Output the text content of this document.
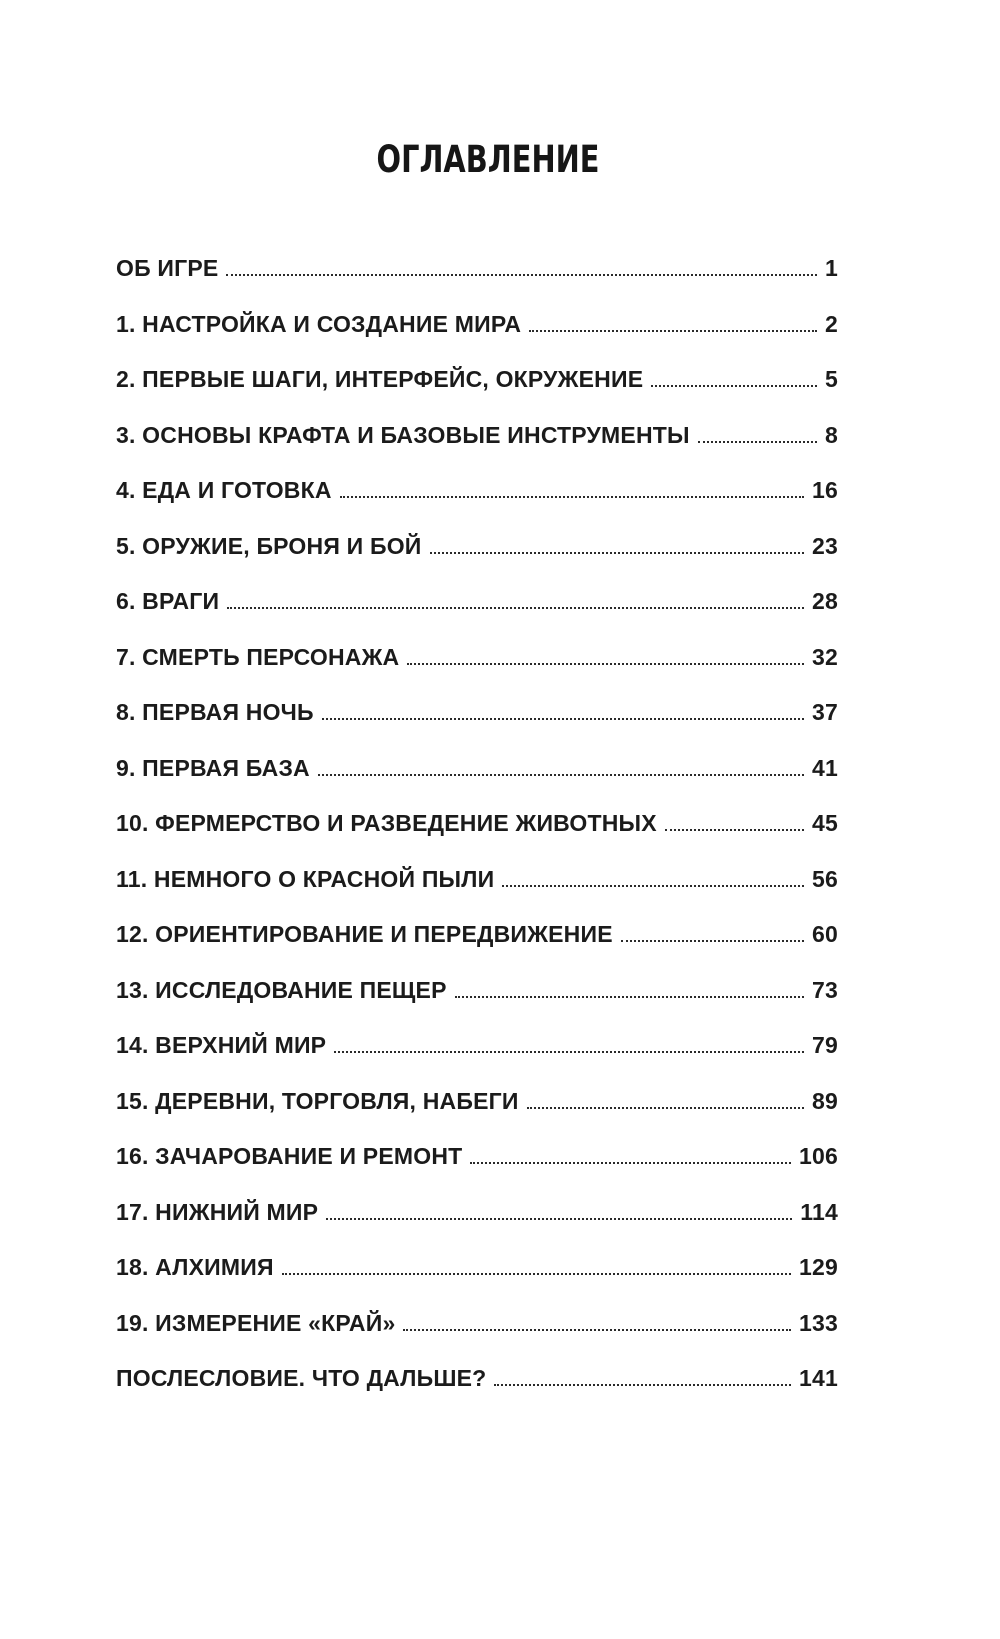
ОГЛАВЛЕНИЕ
ОБ ИГРЕ	1
1. НАСТРОЙКА И СОЗДАНИЕ МИРА	2
2. ПЕРВЫЕ ШАГИ, ИНТЕРФЕЙС, ОКРУЖЕНИЕ	5
3. ОСНОВЫ КРАФТА И БАЗОВЫЕ ИНСТРУМЕНТЫ	8
4. ЕДА И ГОТОВКА	16
5. ОРУЖИЕ, БРОНЯ И БОЙ	23
6. ВРАГИ	28
7. СМЕРТЬ ПЕРСОНАЖА	32
8. ПЕРВАЯ НОЧЬ	37
9. ПЕРВАЯ БАЗА	41
10. ФЕРМЕРСТВО И РАЗВЕДЕНИЕ ЖИВОТНЫХ	45
11. НЕМНОГО О КРАСНОЙ ПЫЛИ	56
12. ОРИЕНТИРОВАНИЕ И ПЕРЕДВИЖЕНИЕ	60
13. ИССЛЕДОВАНИЕ ПЕЩЕР	73
14. ВЕРХНИЙ МИР	79
15. ДЕРЕВНИ, ТОРГОВЛЯ, НАБЕГИ	89
16. ЗАЧАРОВАНИЕ И РЕМОНТ	106
17. НИЖНИЙ МИР	114
18. АЛХИМИЯ	129
19. ИЗМЕРЕНИЕ «КРАЙ»	133
ПОСЛЕСЛОВИЕ. ЧТО ДАЛЬШЕ?	141
